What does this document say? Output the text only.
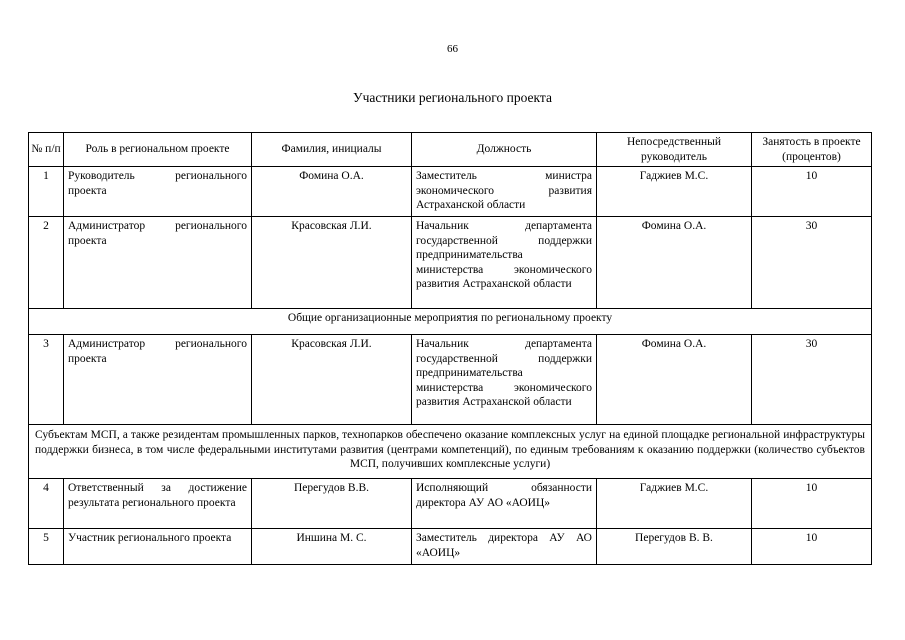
66
Участники регионального проекта
№ п/п	Роль в региональном проекте	Фамилия, инициалы	Должность	Непосредственный руководитель	Занятость в проекте (процентов)
1	Руководитель регионального проекта	Фомина О.А.	Заместитель министра экономического развития Астраханской области	Гаджиев М.С.	10
2	Администратор регионального проекта	Красовская Л.И.	Начальник департамента государственной поддержки предпринимательства министерства экономического развития Астраханской области	Фомина О.А.	30
Общие организационные мероприятия по региональному проекту					
3	Администратор регионального проекта	Красовская Л.И.	Начальник департамента государственной поддержки предпринимательства министерства экономического развития Астраханской области	Фомина О.А.	30
Субъектам МСП, а также резидентам промышленных парков, технопарков обеспечено оказание комплексных услуг на единой площадке региональной инфраструктуры поддержки бизнеса, в том числе федеральными институтами развития (центрами компетенций), по единым требованиям к оказанию поддержки (количество субъектов МСП, получивших комплексные услуги)					
4	Ответственный за достижение результата регионального проекта	Перегудов В.В.	Исполняющий обязанности директора АУ АО «АОИЦ»	Гаджиев М.С.	10
5	Участник регионального проекта	Иншина М. С.	Заместитель директора АУ АО «АОИЦ»	Перегудов В. В.	10
